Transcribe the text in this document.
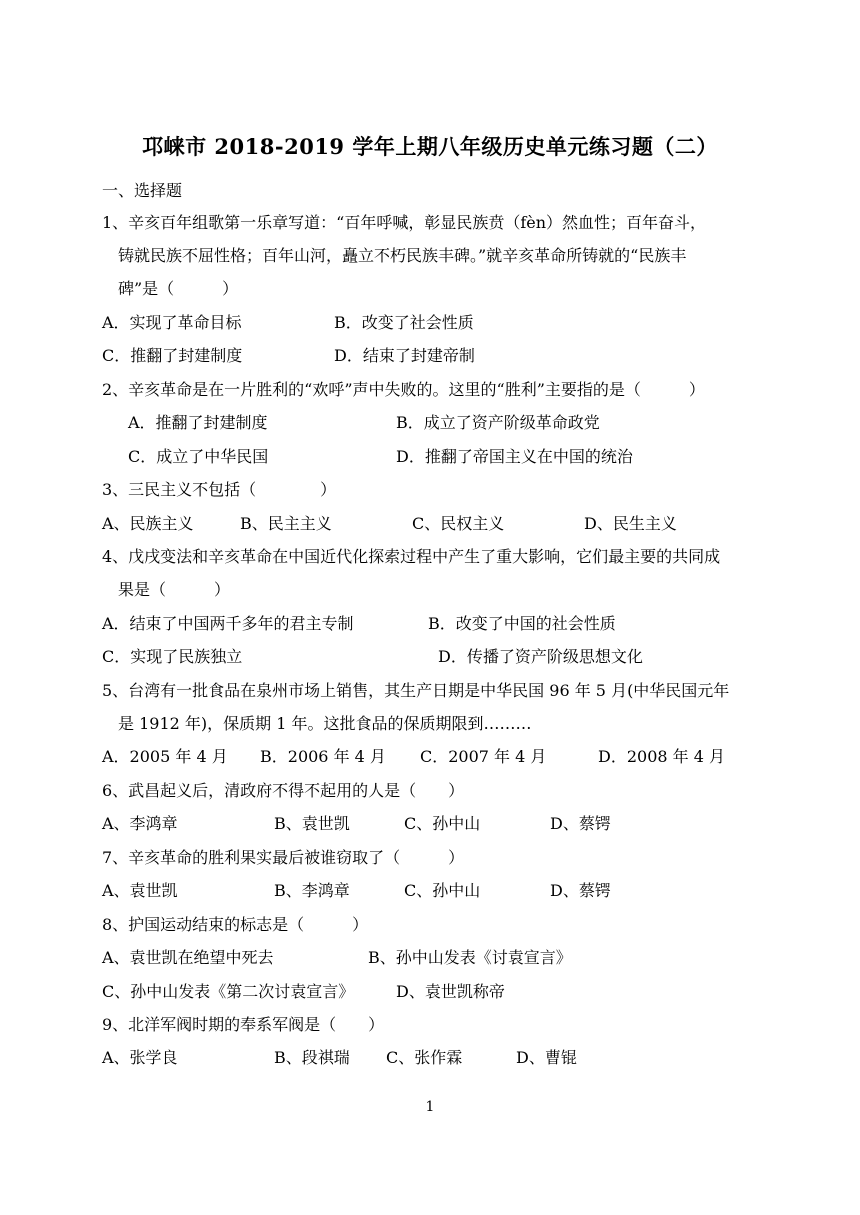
邛崃市 2018-2019 学年上期八年级历史单元练习题（二）
一、选择题
1、辛亥百年组歌第一乐章写道：“百年呼喊，彰显民族贲（fèn）然血性；百年奋斗，
铸就民族不屈性格；百年山河，矗立不朽民族丰碑。”就辛亥革命所铸就的“民族丰
碑”是（　　　）
A．实现了革命目标	B．改变了社会性质
C．推翻了封建制度	D．结束了封建帝制
2、辛亥革命是在一片胜利的“欢呼”声中失败的。这里的“胜利”主要指的是（　　　）
A．推翻了封建制度	B．成立了资产阶级革命政党
C．成立了中华民国	D．推翻了帝国主义在中国的统治
3、三民主义不包括（　　　　）
A、民族主义	B、民主主义	C、民权主义	D、民生主义
4、戊戌变法和辛亥革命在中国近代化探索过程中产生了重大影响，它们最主要的共同成
果是（　　　）
A．结束了中国两千多年的君主专制	B．改变了中国的社会性质
C．实现了民族独立	D．传播了资产阶级思想文化
5、台湾有一批食品在泉州市场上销售，其生产日期是中华民国 96 年 5 月(中华民国元年
是 1912 年)，保质期 1 年。这批食品的保质期限到………
A．2005 年 4 月 B．2006 年 4 月 C．2007 年 4 月	D．2008 年 4 月
6、武昌起义后，清政府不得不起用的人是（　　）
A、李鸿章	B、袁世凯	C、孙中山	D、蔡锷
7、辛亥革命的胜利果实最后被谁窃取了（　　　）
A、袁世凯	B、李鸿章	C、孙中山	D、蔡锷
8、护国运动结束的标志是（　　　）
A、袁世凯在绝望中死去	B、孙中山发表《讨袁宣言》
C、孙中山发表《第二次讨袁宣言》	D、袁世凯称帝
9、北洋军阀时期的奉系军阀是（　　）
A、张学良	B、段祺瑞 C、张作霖	D、曹锟
1
